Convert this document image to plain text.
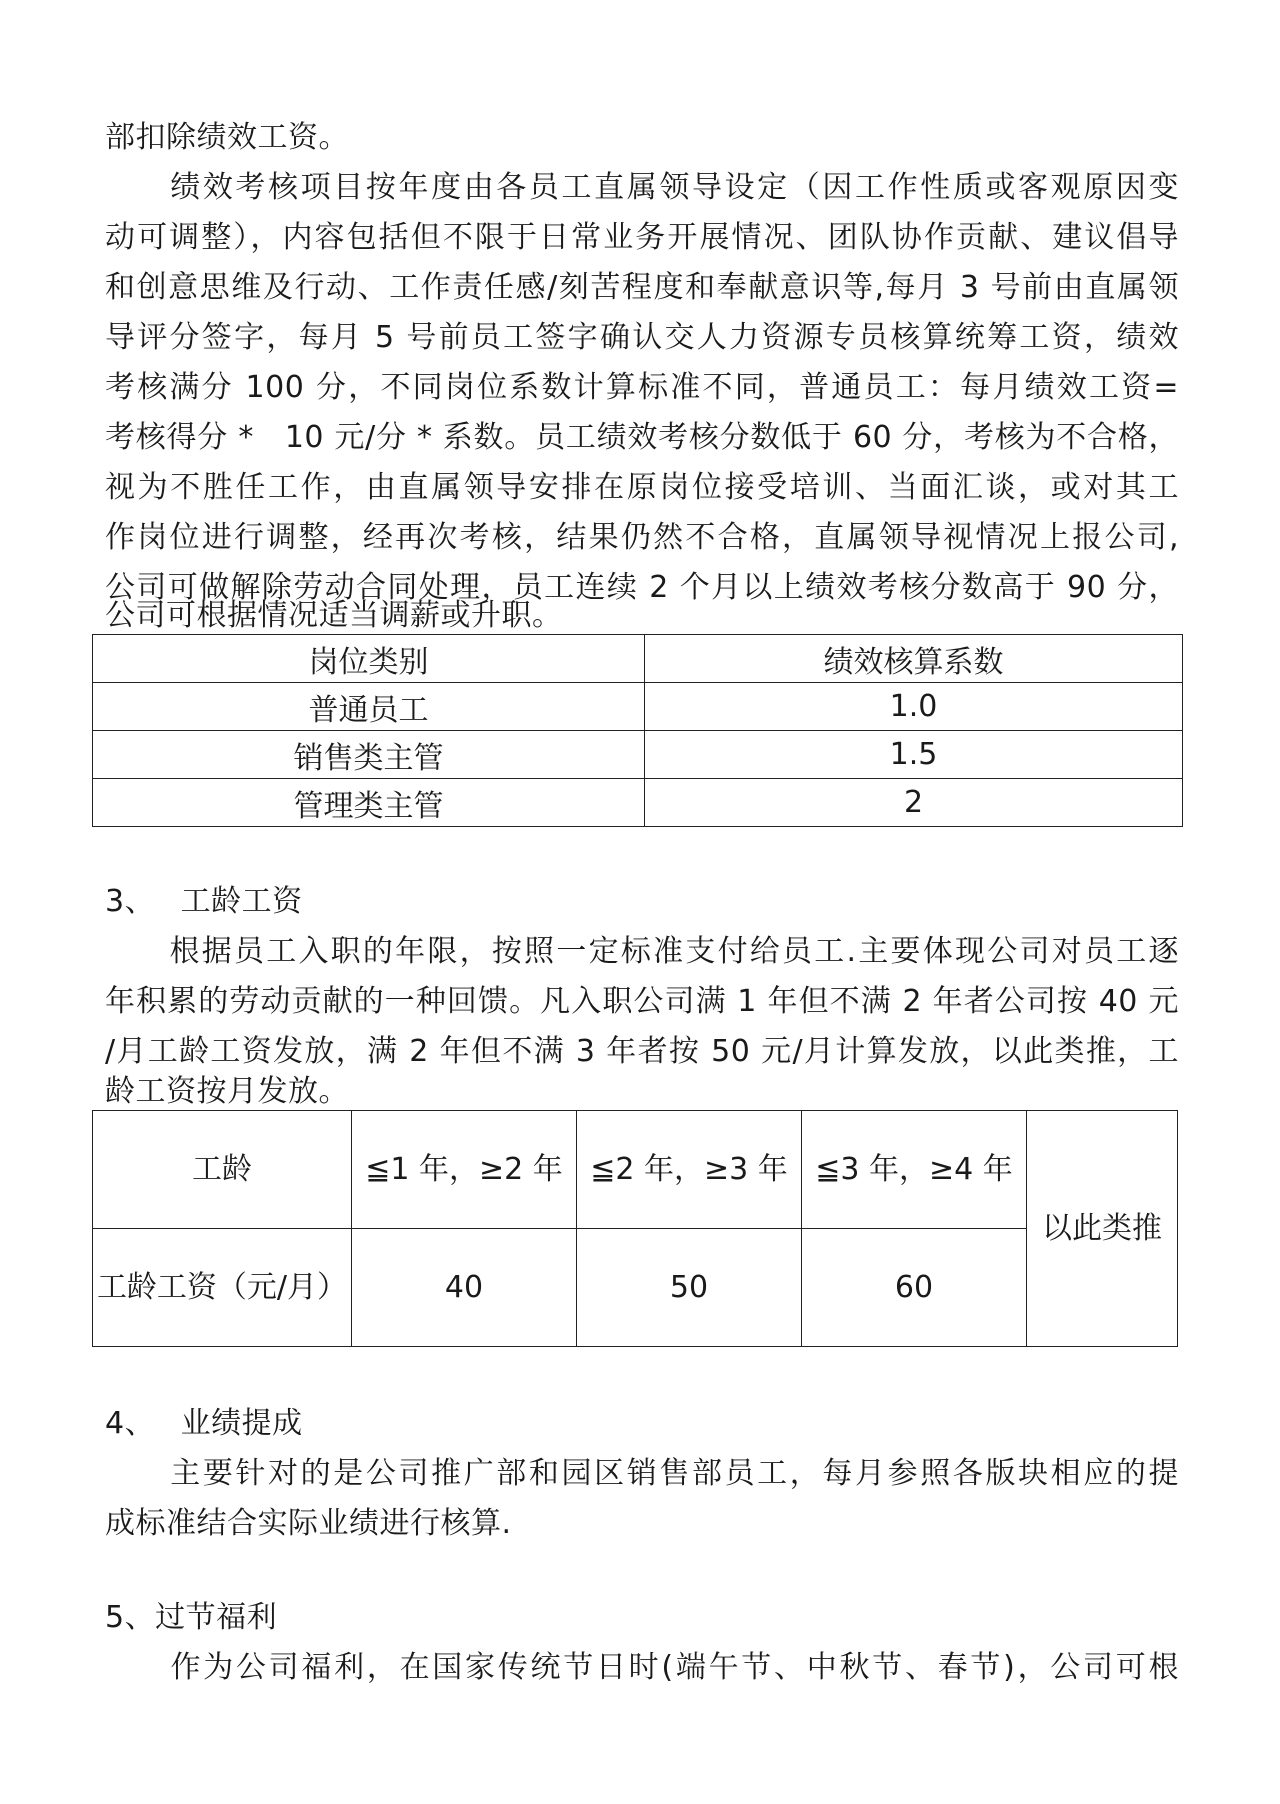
部扣除绩效工资。
　　绩效考核项目按年度由各员工直属领导设定（因工作性质或客观原因变
动可调整），内容包括但不限于日常业务开展情况、团队协作贡献、建议倡导
和创意思维及行动、工作责任感/刻苦程度和奉献意识等,每月 3 号前由直属领
导评分签字，每月 5 号前员工签字确认交人力资源专员核算统筹工资，绩效
考核满分 100 分，不同岗位系数计算标准不同，普通员工：每月绩效工资=
考核得分 *　10 元/分 * 系数。员工绩效考核分数低于 60 分，考核为不合格，
视为不胜任工作，由直属领导安排在原岗位接受培训、当面汇谈，或对其工
作岗位进行调整，经再次考核，结果仍然不合格，直属领导视情况上报公司,
公司可做解除劳动合同处理，员工连续 2 个月以上绩效考核分数高于 90 分，
公司可根据情况适当调薪或升职。
岗位类别	绩效核算系数
普通员工	1.0
销售类主管	1.5
管理类主管	2
3、　 工龄工资
　　根据员工入职的年限，按照一定标准支付给员工.主要体现公司对员工逐
年积累的劳动贡献的一种回馈。凡入职公司满 1 年但不满 2 年者公司按 40 元
/月工龄工资发放，满 2 年但不满 3 年者按 50 元/月计算发放，以此类推，工
龄工资按月发放。
工龄	≦1 年，≥2 年	≦2 年，≥3 年	≦3 年，≥4 年	以此类推
工龄工资（元/月）	40	50	60	
4、　 业绩提成
　　主要针对的是公司推广部和园区销售部员工，每月参照各版块相应的提
成标准结合实际业绩进行核算.
5、过节福利
　　作为公司福利，在国家传统节日时(端午节、中秋节、春节)，公司可根
